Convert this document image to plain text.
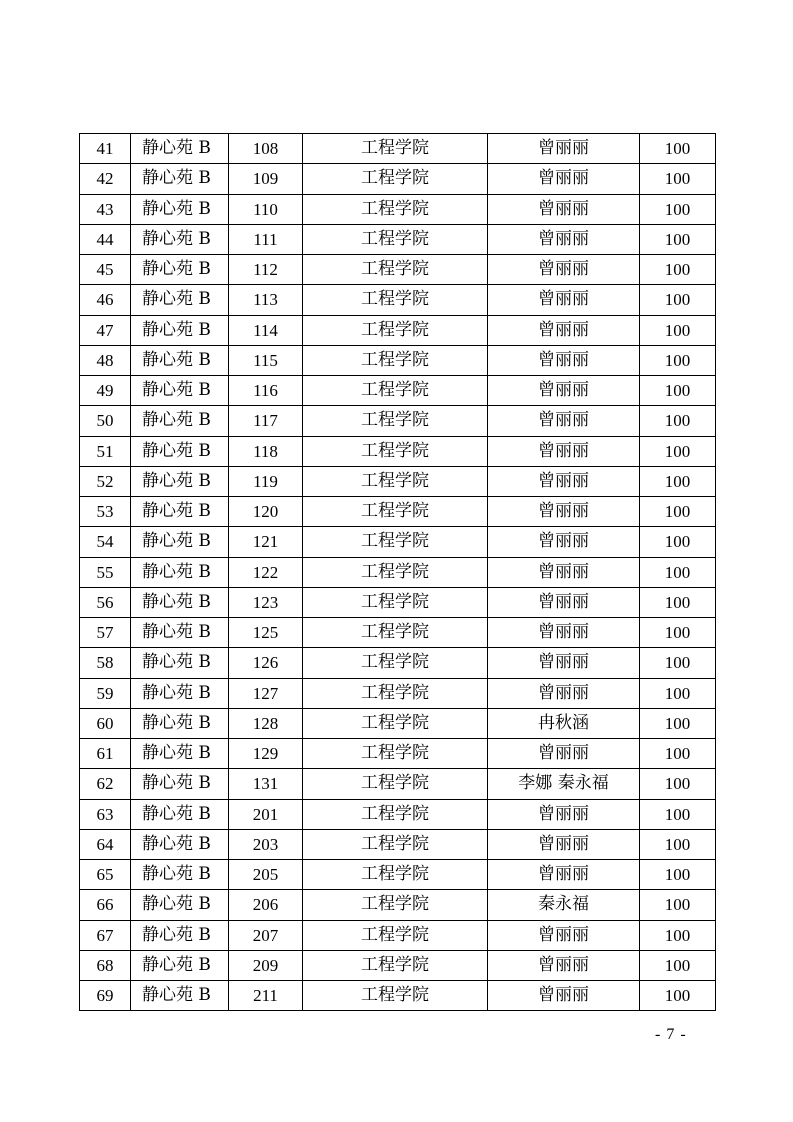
41	静心苑 B	108	工程学院	曾丽丽	100
42	静心苑 B	109	工程学院	曾丽丽	100
43	静心苑 B	110	工程学院	曾丽丽	100
44	静心苑 B	111	工程学院	曾丽丽	100
45	静心苑 B	112	工程学院	曾丽丽	100
46	静心苑 B	113	工程学院	曾丽丽	100
47	静心苑 B	114	工程学院	曾丽丽	100
48	静心苑 B	115	工程学院	曾丽丽	100
49	静心苑 B	116	工程学院	曾丽丽	100
50	静心苑 B	117	工程学院	曾丽丽	100
51	静心苑 B	118	工程学院	曾丽丽	100
52	静心苑 B	119	工程学院	曾丽丽	100
53	静心苑 B	120	工程学院	曾丽丽	100
54	静心苑 B	121	工程学院	曾丽丽	100
55	静心苑 B	122	工程学院	曾丽丽	100
56	静心苑 B	123	工程学院	曾丽丽	100
57	静心苑 B	125	工程学院	曾丽丽	100
58	静心苑 B	126	工程学院	曾丽丽	100
59	静心苑 B	127	工程学院	曾丽丽	100
60	静心苑 B	128	工程学院	冉秋涵	100
61	静心苑 B	129	工程学院	曾丽丽	100
62	静心苑 B	131	工程学院	李娜 秦永福	100
63	静心苑 B	201	工程学院	曾丽丽	100
64	静心苑 B	203	工程学院	曾丽丽	100
65	静心苑 B	205	工程学院	曾丽丽	100
66	静心苑 B	206	工程学院	秦永福	100
67	静心苑 B	207	工程学院	曾丽丽	100
68	静心苑 B	209	工程学院	曾丽丽	100
69	静心苑 B	211	工程学院	曾丽丽	100
- 7 -
